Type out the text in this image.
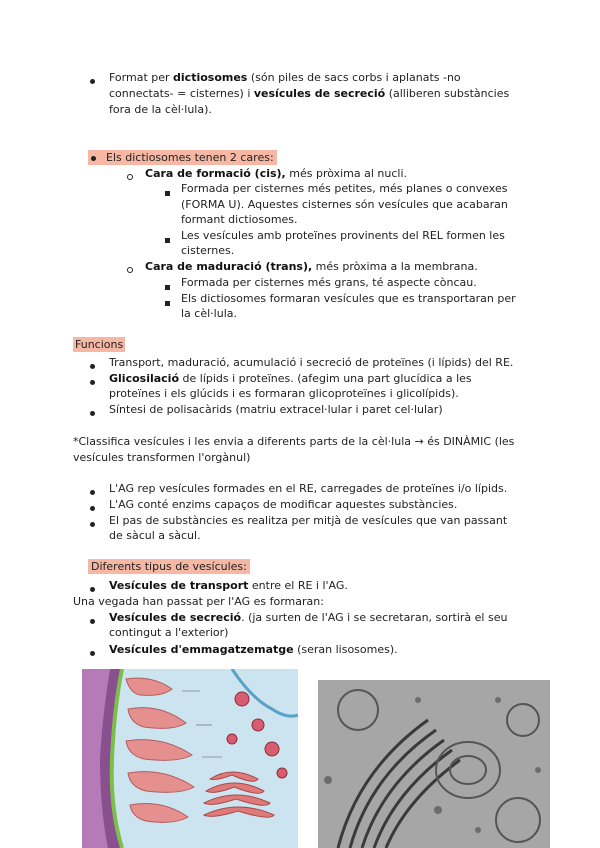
Format per dictiosomes (són piles de sacs corbs i aplanats -no
connectats- = cisternes) i vesícules de secreció (alliberen substàncies
fora de la cèl·lula).
Els dictiosomes tenen 2 cares:
Cara de formació (cis), més pròxima al nucli.
Formada per cisternes més petites, més planes o convexes
(FORMA U). Aquestes cisternes són vesícules que acabaran
formant dictiosomes.
Les vesícules amb proteïnes provinents del REL formen les
cisternes.
Cara de maduració (trans), més pròxima a la membrana.
Formada per cisternes més grans, té aspecte còncau.
Els dictiosomes formaran vesícules que es transportaran per
la cèl·lula.
Funcions
Transport, maduració, acumulació i secreció de proteïnes (i lípids) del RE.
Glicosilació de lípids i proteïnes. (afegim una part glucídica a les
proteïnes i els glúcids i es formaran glicoproteïnes i glicolípids).
Síntesi de polisacàrids (matriu extracel·lular i paret cel·lular)
*Classifica vesícules i les envia a diferents parts de la cèl·lula → és DINÀMIC (les
vesícules transformen l'orgànul)
L'AG rep vesícules formades en el RE, carregades de proteïnes i/o lípids.
L'AG conté enzims capaços de modificar aquestes substàncies.
El pas de substàncies es realitza per mitjà de vesícules que van passant
de sàcul a sàcul.
Diferents tipus de vesícules:
Vesícules de transport entre el RE i l'AG.
Una vegada han passat per l'AG es formaran:
Vesícules de secreció. (ja surten de l'AG i se secretaran, sortirà el seu
contingut a l'exterior)
Vesícules d'emmagatzematge (seran lisosomes).
